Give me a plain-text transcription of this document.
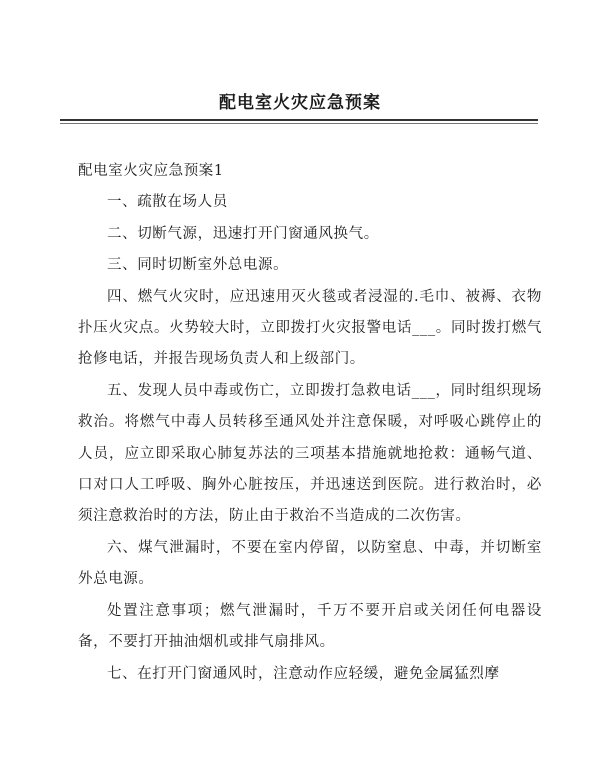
配电室火灾应急预案

配电室火灾应急预案1

一、疏散在场人员

二、切断气源，迅速打开门窗通风换气。

三、同时切断室外总电源。

四、燃气火灾时，应迅速用灭火毯或者浸湿的.毛巾、被褥、衣物扑压火灾点。火势较大时，立即拨打火灾报警电话___。同时拨打燃气抢修电话，并报告现场负责人和上级部门。

五、发现人员中毒或伤亡，立即拨打急救电话___，同时组织现场救治。将燃气中毒人员转移至通风处并注意保暖，对呼吸心跳停止的人员，应立即采取心肺复苏法的三项基本措施就地抢救：通畅气道、口对口人工呼吸、胸外心脏按压，并迅速送到医院。进行救治时，必须注意救治时的方法，防止由于救治不当造成的二次伤害。

六、煤气泄漏时，不要在室内停留，以防窒息、中毒，并切断室外总电源。

处置注意事项；燃气泄漏时，千万不要开启或关闭任何电器设备，不要打开抽油烟机或排气扇排风。

七、在打开门窗通风时，注意动作应轻缓，避免金属猛烈摩
